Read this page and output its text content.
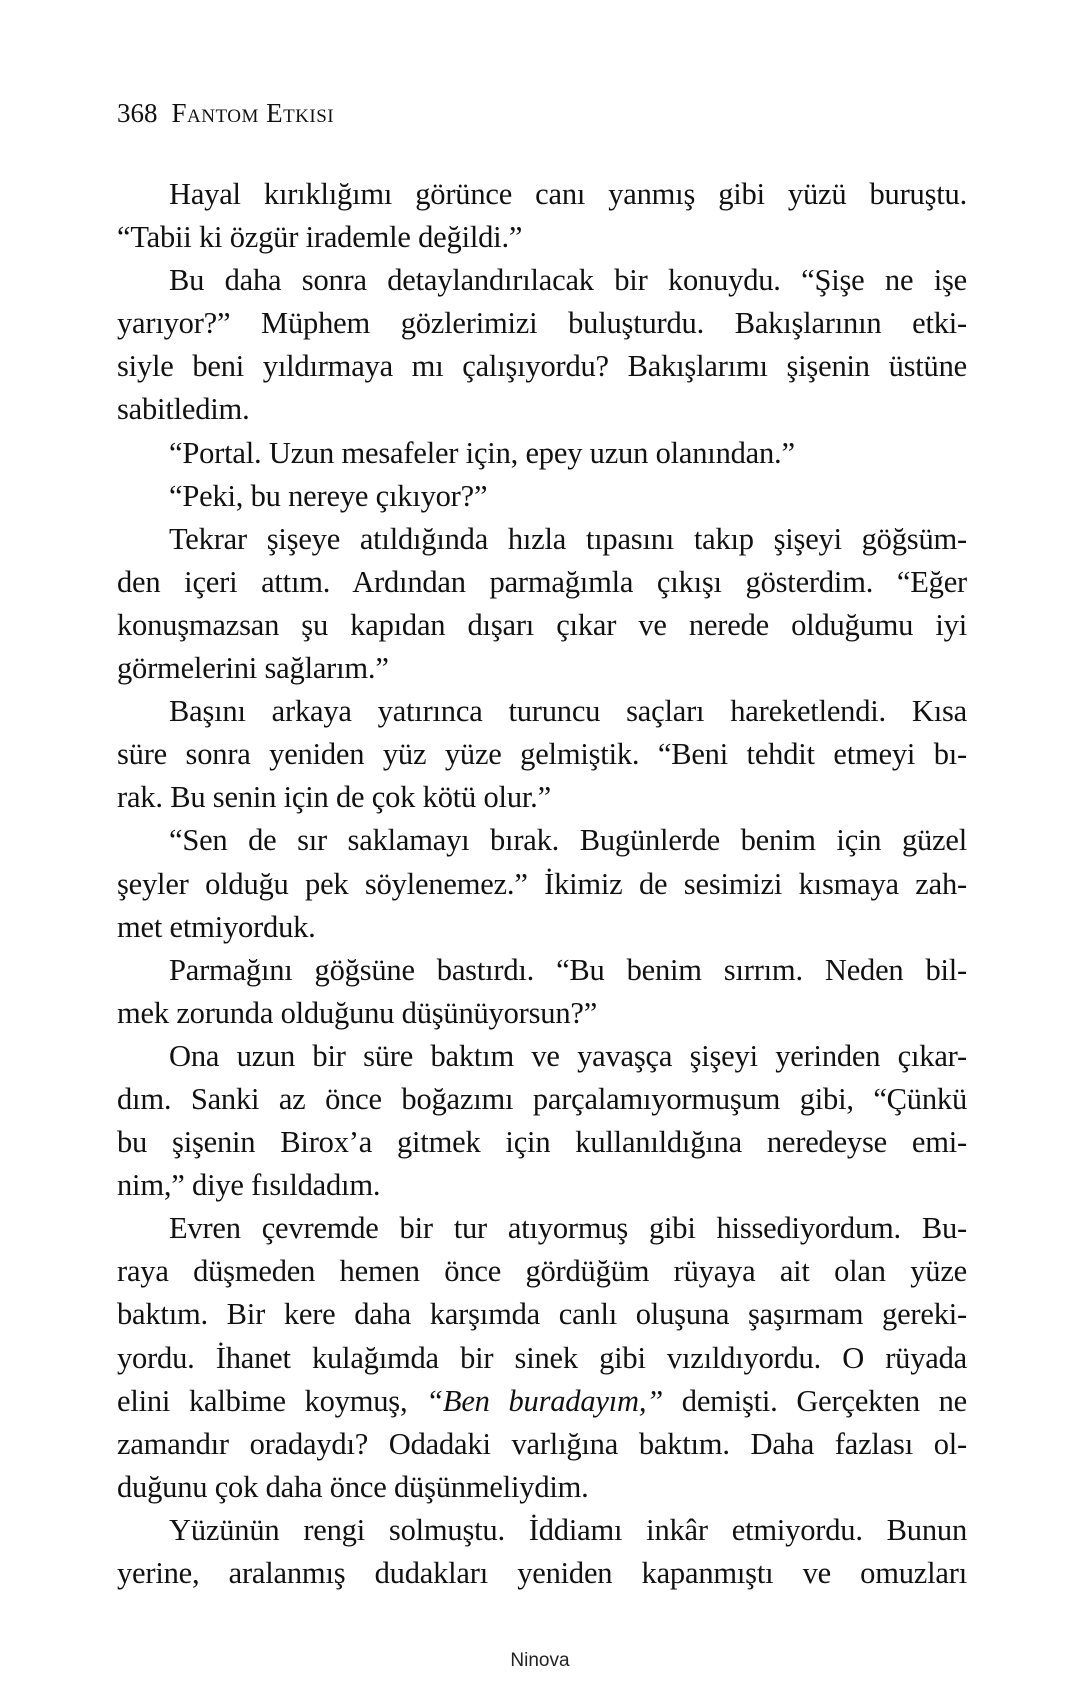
368 Fantom Etkisi
Hayal kırıklığımı görünce canı yanmış gibi yüzü buruştu.
“Tabii ki özgür irademle değildi.”
Bu daha sonra detaylandırılacak bir konuydu. “Şişe ne işe
yarıyor?” Müphem gözlerimizi buluşturdu. Bakışlarının etki-
siyle beni yıldırmaya mı çalışıyordu? Bakışlarımı şişenin üstüne
sabitledim.
“Portal. Uzun mesafeler için, epey uzun olanından.”
“Peki, bu nereye çıkıyor?”
Tekrar şişeye atıldığında hızla tıpasını takıp şişeyi göğsüm-
den içeri attım. Ardından parmağımla çıkışı gösterdim. “Eğer
konuşmazsan şu kapıdan dışarı çıkar ve nerede olduğumu iyi
görmelerini sağlarım.”
Başını arkaya yatırınca turuncu saçları hareketlendi. Kısa
süre sonra yeniden yüz yüze gelmiştik. “Beni tehdit etmeyi bı-
rak. Bu senin için de çok kötü olur.”
“Sen de sır saklamayı bırak. Bugünlerde benim için güzel
şeyler olduğu pek söylenemez.” İkimiz de sesimizi kısmaya zah-
met etmiyorduk.
Parmağını göğsüne bastırdı. “Bu benim sırrım. Neden bil-
mek zorunda olduğunu düşünüyorsun?”
Ona uzun bir süre baktım ve yavaşça şişeyi yerinden çıkar-
dım. Sanki az önce boğazımı parçalamıyormuşum gibi, “Çünkü
bu şişenin Birox’a gitmek için kullanıldığına neredeyse emi-
nim,” diye fısıldadım.
Evren çevremde bir tur atıyormuş gibi hissediyordum. Bu-
raya düşmeden hemen önce gördüğüm rüyaya ait olan yüze
baktım. Bir kere daha karşımda canlı oluşuna şaşırmam gereki-
yordu. İhanet kulağımda bir sinek gibi vızıldıyordu. O rüyada
elini kalbime koymuş, “Ben buradayım,” demişti. Gerçekten ne
zamandır oradaydı? Odadaki varlığına baktım. Daha fazlası ol-
duğunu çok daha önce düşünmeliydim.
Yüzünün rengi solmuştu. İddiamı inkâr etmiyordu. Bunun
yerine, aralanmış dudakları yeniden kapanmıştı ve omuzları
Ninova
